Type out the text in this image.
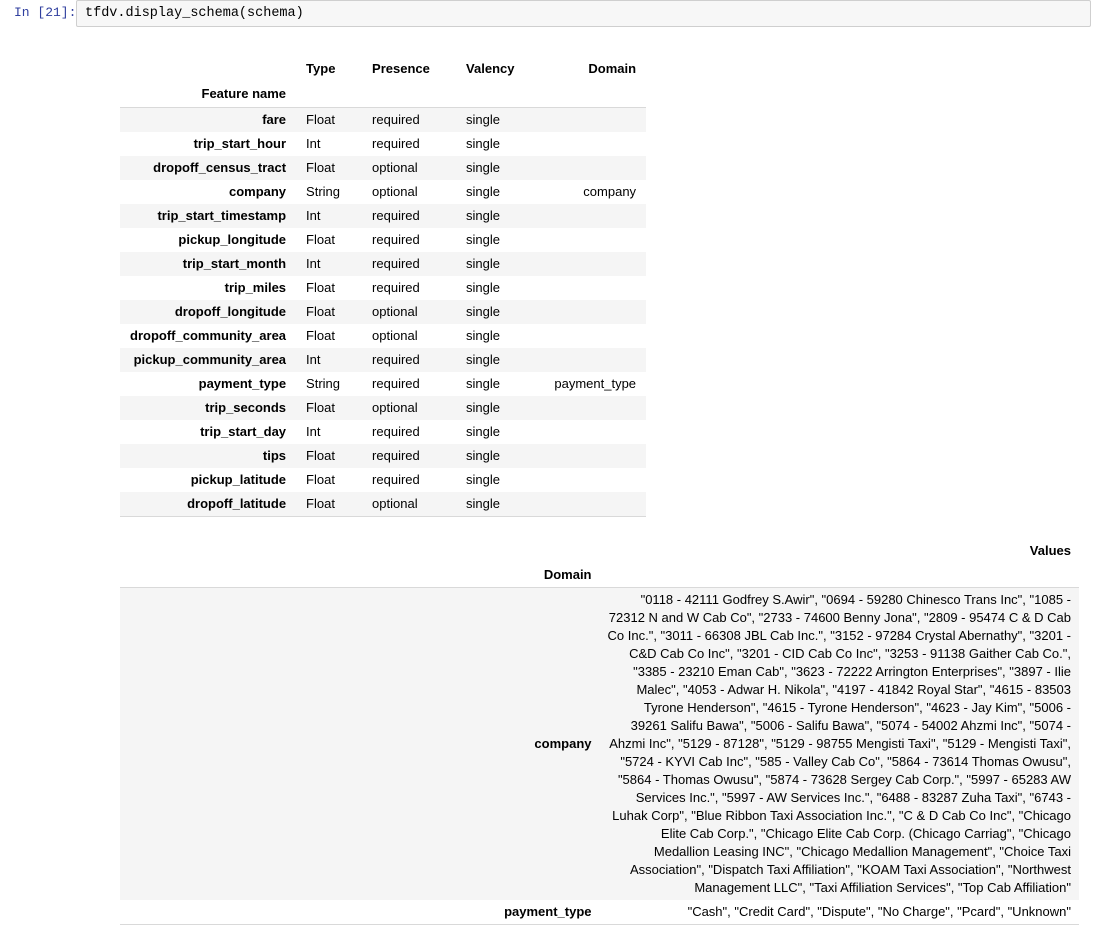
In [21]: tfdv.display_schema(schema)
	Type	Presence	Valency	Domain
Feature name				
fare	Float	required	single	
trip_start_hour	Int	required	single	
dropoff_census_tract	Float	optional	single	
company	String	optional	single	company
trip_start_timestamp	Int	required	single	
pickup_longitude	Float	required	single	
trip_start_month	Int	required	single	
trip_miles	Float	required	single	
dropoff_longitude	Float	optional	single	
dropoff_community_area	Float	optional	single	
pickup_community_area	Int	required	single	
payment_type	String	required	single	payment_type
trip_seconds	Float	optional	single	
trip_start_day	Int	required	single	
tips	Float	required	single	
pickup_latitude	Float	required	single	
dropoff_latitude	Float	optional	single	
	Values
Domain	
company	"0118 - 42111 Godfrey S.Awir", "0694 - 59280 Chinesco Trans Inc", "1085 - 72312 N and W Cab Co", "2733 - 74600 Benny Jona", "2809 - 95474 C & D Cab Co Inc.", "3011 - 66308 JBL Cab Inc.", "3152 - 97284 Crystal Abernathy", "3201 - C&D Cab Co Inc", "3201 - CID Cab Co Inc", "3253 - 91138 Gaither Cab Co.", "3385 - 23210 Eman Cab", "3623 - 72222 Arrington Enterprises", "3897 - Ilie Malec", "4053 - Adwar H. Nikola", "4197 - 41842 Royal Star", "4615 - 83503 Tyrone Henderson", "4615 - Tyrone Henderson", "4623 - Jay Kim", "5006 - 39261 Salifu Bawa", "5006 - Salifu Bawa", "5074 - 54002 Ahzmi Inc", "5074 - Ahzmi Inc", "5129 - 87128", "5129 - 98755 Mengisti Taxi", "5129 - Mengisti Taxi", "5724 - KYVI Cab Inc", "585 - Valley Cab Co", "5864 - 73614 Thomas Owusu", "5864 - Thomas Owusu", "5874 - 73628 Sergey Cab Corp.", "5997 - 65283 AW Services Inc.", "5997 - AW Services Inc.", "6488 - 83287 Zuha Taxi", "6743 - Luhak Corp", "Blue Ribbon Taxi Association Inc.", "C & D Cab Co Inc", "Chicago Elite Cab Corp.", "Chicago Elite Cab Corp. (Chicago Carriag", "Chicago Medallion Leasing INC", "Chicago Medallion Management", "Choice Taxi Association", "Dispatch Taxi Affiliation", "KOAM Taxi Association", "Northwest Management LLC", "Taxi Affiliation Services", "Top Cab Affiliation"
payment_type	"Cash", "Credit Card", "Dispute", "No Charge", "Pcard", "Unknown"
